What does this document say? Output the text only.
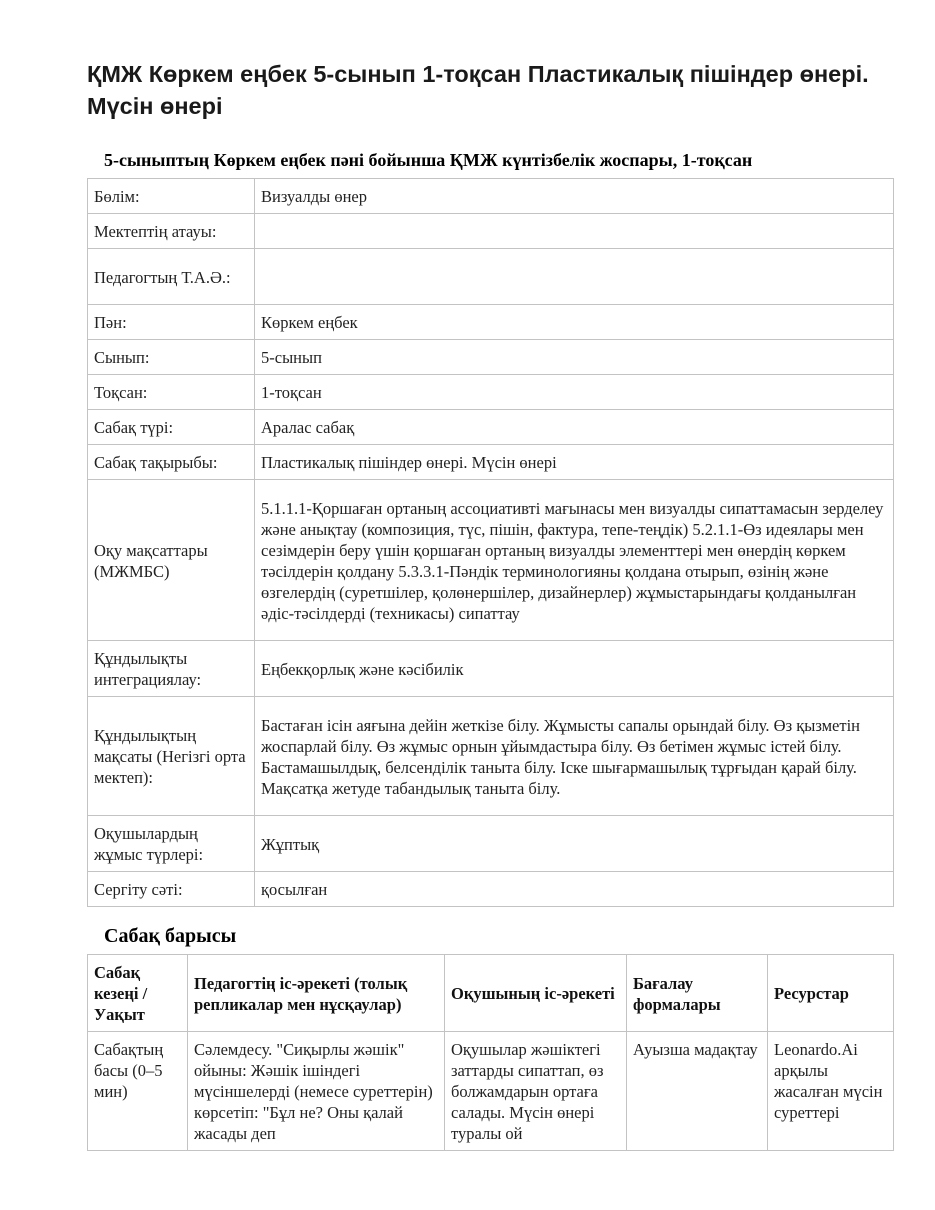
ҚМЖ Көркем еңбек 5-сынып 1-тоқсан Пластикалық пішіндер өнері. Мүсін өнері
5-сыныптың Көркем еңбек пәні бойынша ҚМЖ күнтізбелік жоспары, 1-тоқсан
Бөлім:	Визуалды өнер
Мектептің атауы:	
Педагогтың Т.А.Ә.:	
Пән:	Көркем еңбек
Сынып:	5-сынып
Тоқсан:	1-тоқсан
Сабақ түрі:	Аралас сабақ
Сабақ тақырыбы:	Пластикалық пішіндер өнері. Мүсін өнері
Оқу мақсаттары (МЖМБС)	5.1.1.1-Қоршаған ортаның ассоциативті мағынасы мен визуалды сипаттамасын зерделеу және анықтау (композиция, түс, пішін, фактура, тепе-теңдік) 5.2.1.1-Өз идеялары мен сезімдерін беру үшін қоршаған ортаның визуалды элементтері мен өнердің көркем тәсілдерін қолдану 5.3.3.1-Пәндік терминологияны қолдана отырып, өзінің және өзгелердің (суретшілер, қолөнершілер, дизайнерлер) жұмыстарындағы қолданылған әдіс-тәсілдерді (техникасы) сипаттау
Құндылықты интеграциялау:	Еңбекқорлық және кәсібилік
Құндылықтың мақсаты (Негізгі орта мектеп):	Бастаған ісін аяғына дейін жеткізе білу. Жұмысты сапалы орындай білу. Өз қызметін жоспарлай білу. Өз жұмыс орнын ұйымдастыра білу. Өз бетімен жұмыс істей білу. Бастамашылдық, белсенділік таныта білу. Іске шығармашылық тұрғыдан қарай білу. Мақсатқа жетуде табандылық таныта білу.
Оқушылардың жұмыс түрлері:	Жұптық
Сергіту сәті:	қосылған
Сабақ барысы
Сабақ кезеңі / Уақыт	Педагогтің іс-әрекеті (толық репликалар мен нұсқаулар)	Оқушының іс-әрекеті	Бағалау формалары	Ресурстар

Сабақтың басы (0–5 мин)	Сәлемдесу. "Сиқырлы жәшік" ойыны: Жәшік ішіндегі мүсіншелерді (немесе суреттерін) көрсетіп: "Бұл не? Оны қалай жасады деп	Оқушылар жәшіктегі заттарды сипаттап, өз болжамдарын ортаға салады. Мүсін өнері туралы ой	Ауызша мадақтау	Leonardo.Ai арқылы жасалған мүсін суреттері
